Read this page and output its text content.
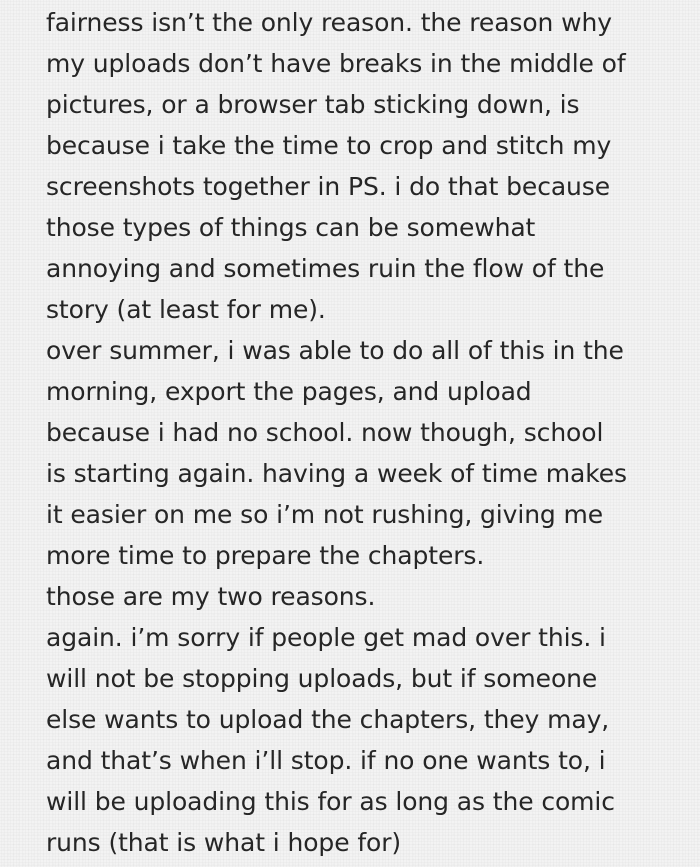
fairness isn’t the only reason. the reason why
my uploads don’t have breaks in the middle of
pictures, or a browser tab sticking down, is
because i take the time to crop and stitch my
screenshots together in PS. i do that because
those types of things can be somewhat
annoying and sometimes ruin the flow of the
story (at least for me).
over summer, i was able to do all of this in the
morning, export the pages, and upload
because i had no school. now though, school
is starting again. having a week of time makes
it easier on me so i’m not rushing, giving me
more time to prepare the chapters.
those are my two reasons.
again. i’m sorry if people get mad over this. i
will not be stopping uploads, but if someone
else wants to upload the chapters, they may,
and that’s when i’ll stop. if no one wants to, i
will be uploading this for as long as the comic
runs (that is what i hope for)
